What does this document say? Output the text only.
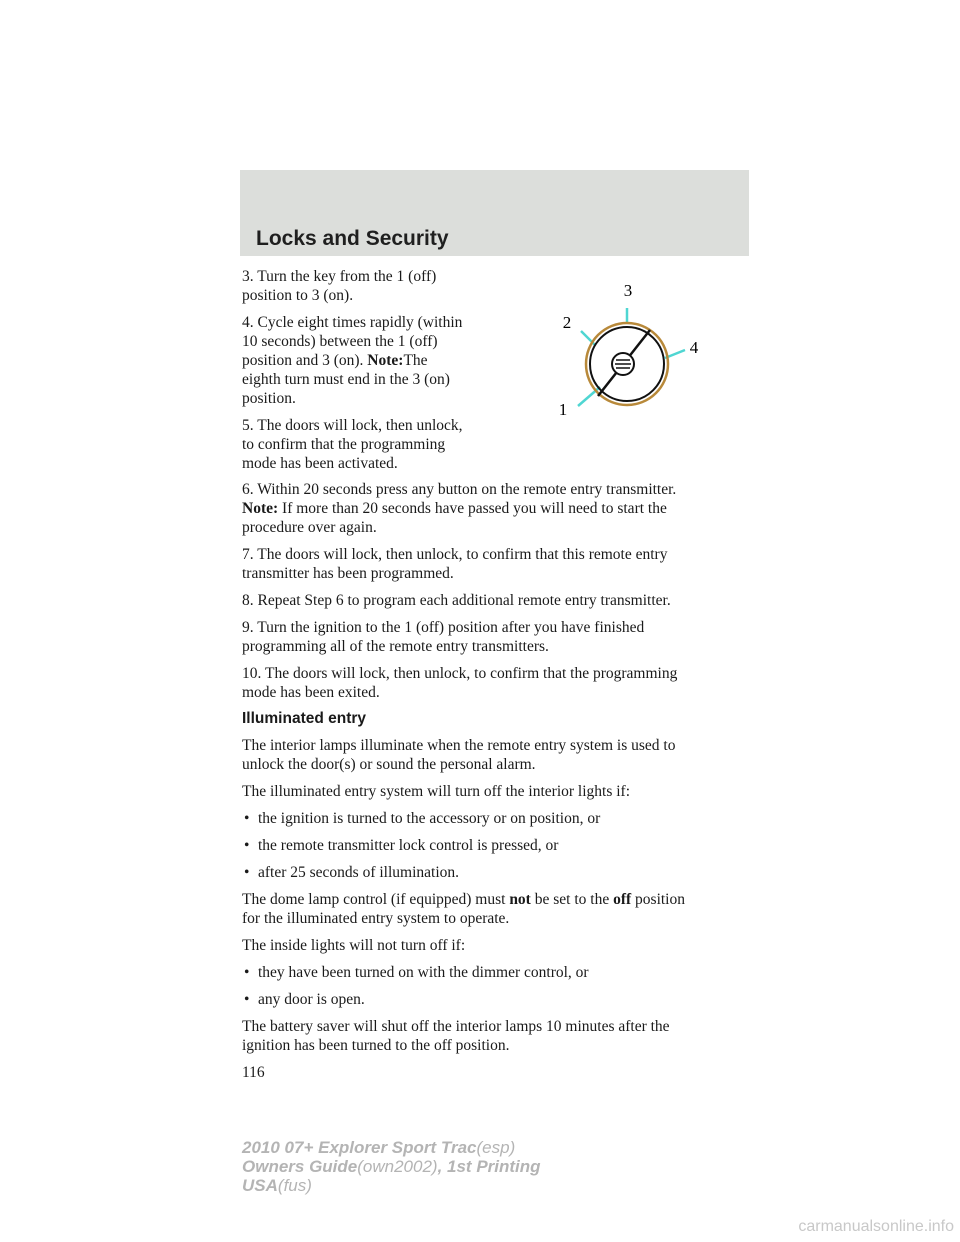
Locks and Security
3. Turn the key from the 1 (off)
position to 3 (on).
4. Cycle eight times rapidly (within
10 seconds) between the 1 (off)
position and 3 (on). Note:The
eighth turn must end in the 3 (on)
position.
5. The doors will lock, then unlock,
to confirm that the programming
mode has been activated.
3
2
4
1
6. Within 20 seconds press any button on the remote entry transmitter.
Note: If more than 20 seconds have passed you will need to start the
procedure over again.
7. The doors will lock, then unlock, to confirm that this remote entry
transmitter has been programmed.
8. Repeat Step 6 to program each additional remote entry transmitter.
9. Turn the ignition to the 1 (off) position after you have finished
programming all of the remote entry transmitters.
10. The doors will lock, then unlock, to confirm that the programming
mode has been exited.
Illuminated entry
The interior lamps illuminate when the remote entry system is used to
unlock the door(s) or sound the personal alarm.
The illuminated entry system will turn off the interior lights if:
• the ignition is turned to the accessory or on position, or
• the remote transmitter lock control is pressed, or
• after 25 seconds of illumination.
The dome lamp control (if equipped) must not be set to the off position
for the illuminated entry system to operate.
The inside lights will not turn off if:
• they have been turned on with the dimmer control, or
• any door is open.
The battery saver will shut off the interior lamps 10 minutes after the
ignition has been turned to the off position.
116
2010 07+ Explorer Sport Trac(esp)
Owners Guide(own2002), 1st Printing
USA(fus)
carmanualsonline.info
